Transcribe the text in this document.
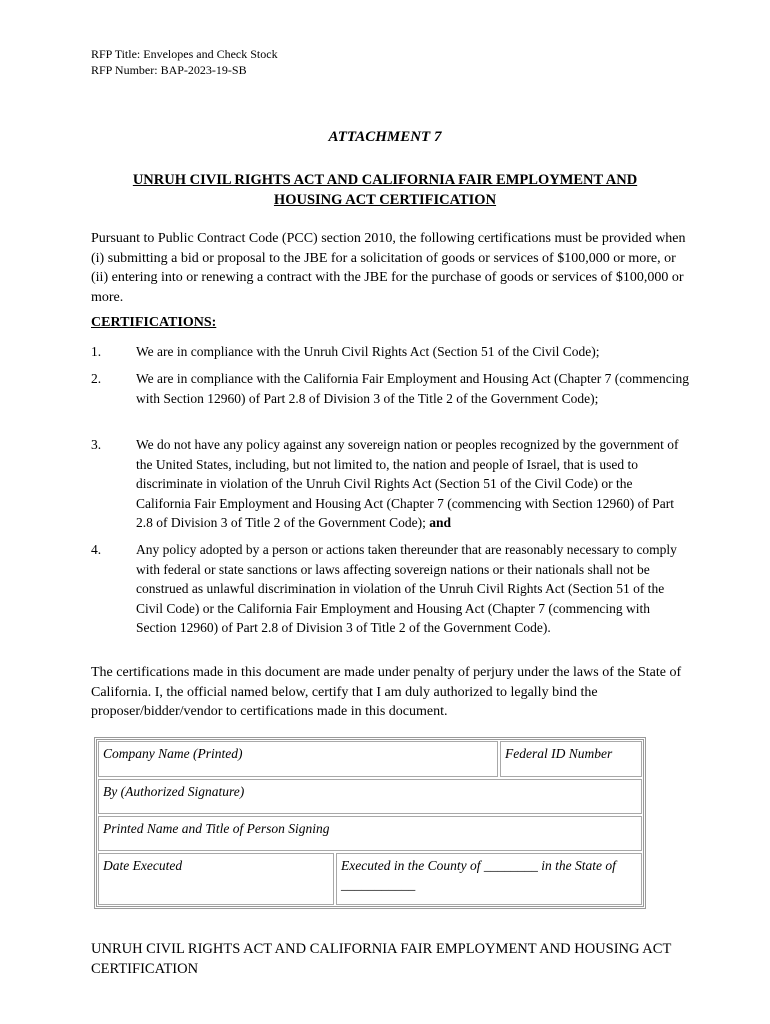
RFP Title: Envelopes and Check Stock
RFP Number: BAP-2023-19-SB
ATTACHMENT 7
UNRUH CIVIL RIGHTS ACT AND CALIFORNIA FAIR EMPLOYMENT AND HOUSING ACT CERTIFICATION

Pursuant to Public Contract Code (PCC) section 2010, the following certifications must be provided when (i) submitting a bid or proposal to the JBE for a solicitation of goods or services of $100,000 or more, or (ii) entering into or renewing a contract with the JBE for the purchase of goods or services of $100,000 or more.

CERTIFICATIONS:
1.	We are in compliance with the Unruh Civil Rights Act (Section 51 of the Civil Code);
2.	We are in compliance with the California Fair Employment and Housing Act (Chapter 7 (commencing with Section 12960) of Part 2.8 of Division 3 of the Title 2 of the Government Code);
3.	We do not have any policy against any sovereign nation or peoples recognized by the government of the United States, including, but not limited to, the nation and people of Israel, that is used to discriminate in violation of the Unruh Civil Rights Act (Section 51 of the Civil Code) or the California Fair Employment and Housing Act (Chapter 7 (commencing with Section 12960) of Part 2.8 of Division 3 of Title 2 of the Government Code); and
4.	Any policy adopted by a person or actions taken thereunder that are reasonably necessary to comply with federal or state sanctions or laws affecting sovereign nations or their nationals shall not be construed as unlawful discrimination in violation of the Unruh Civil Rights Act (Section 51 of the Civil Code) or the California Fair Employment and Housing Act (Chapter 7 (commencing with Section 12960) of Part 2.8 of Division 3 of Title 2 of the Government Code).

The certifications made in this document are made under penalty of perjury under the laws of the State of California. I, the official named below, certify that I am duly authorized to legally bind the proposer/bidder/vendor to certifications made in this document.

Company Name (Printed)	Federal ID Number
By (Authorized Signature)
Printed Name and Title of Person Signing
Date Executed	Executed in the County of ________ in the State of ___________
UNRUH CIVIL RIGHTS ACT AND CALIFORNIA FAIR EMPLOYMENT AND HOUSING ACT CERTIFICATION
